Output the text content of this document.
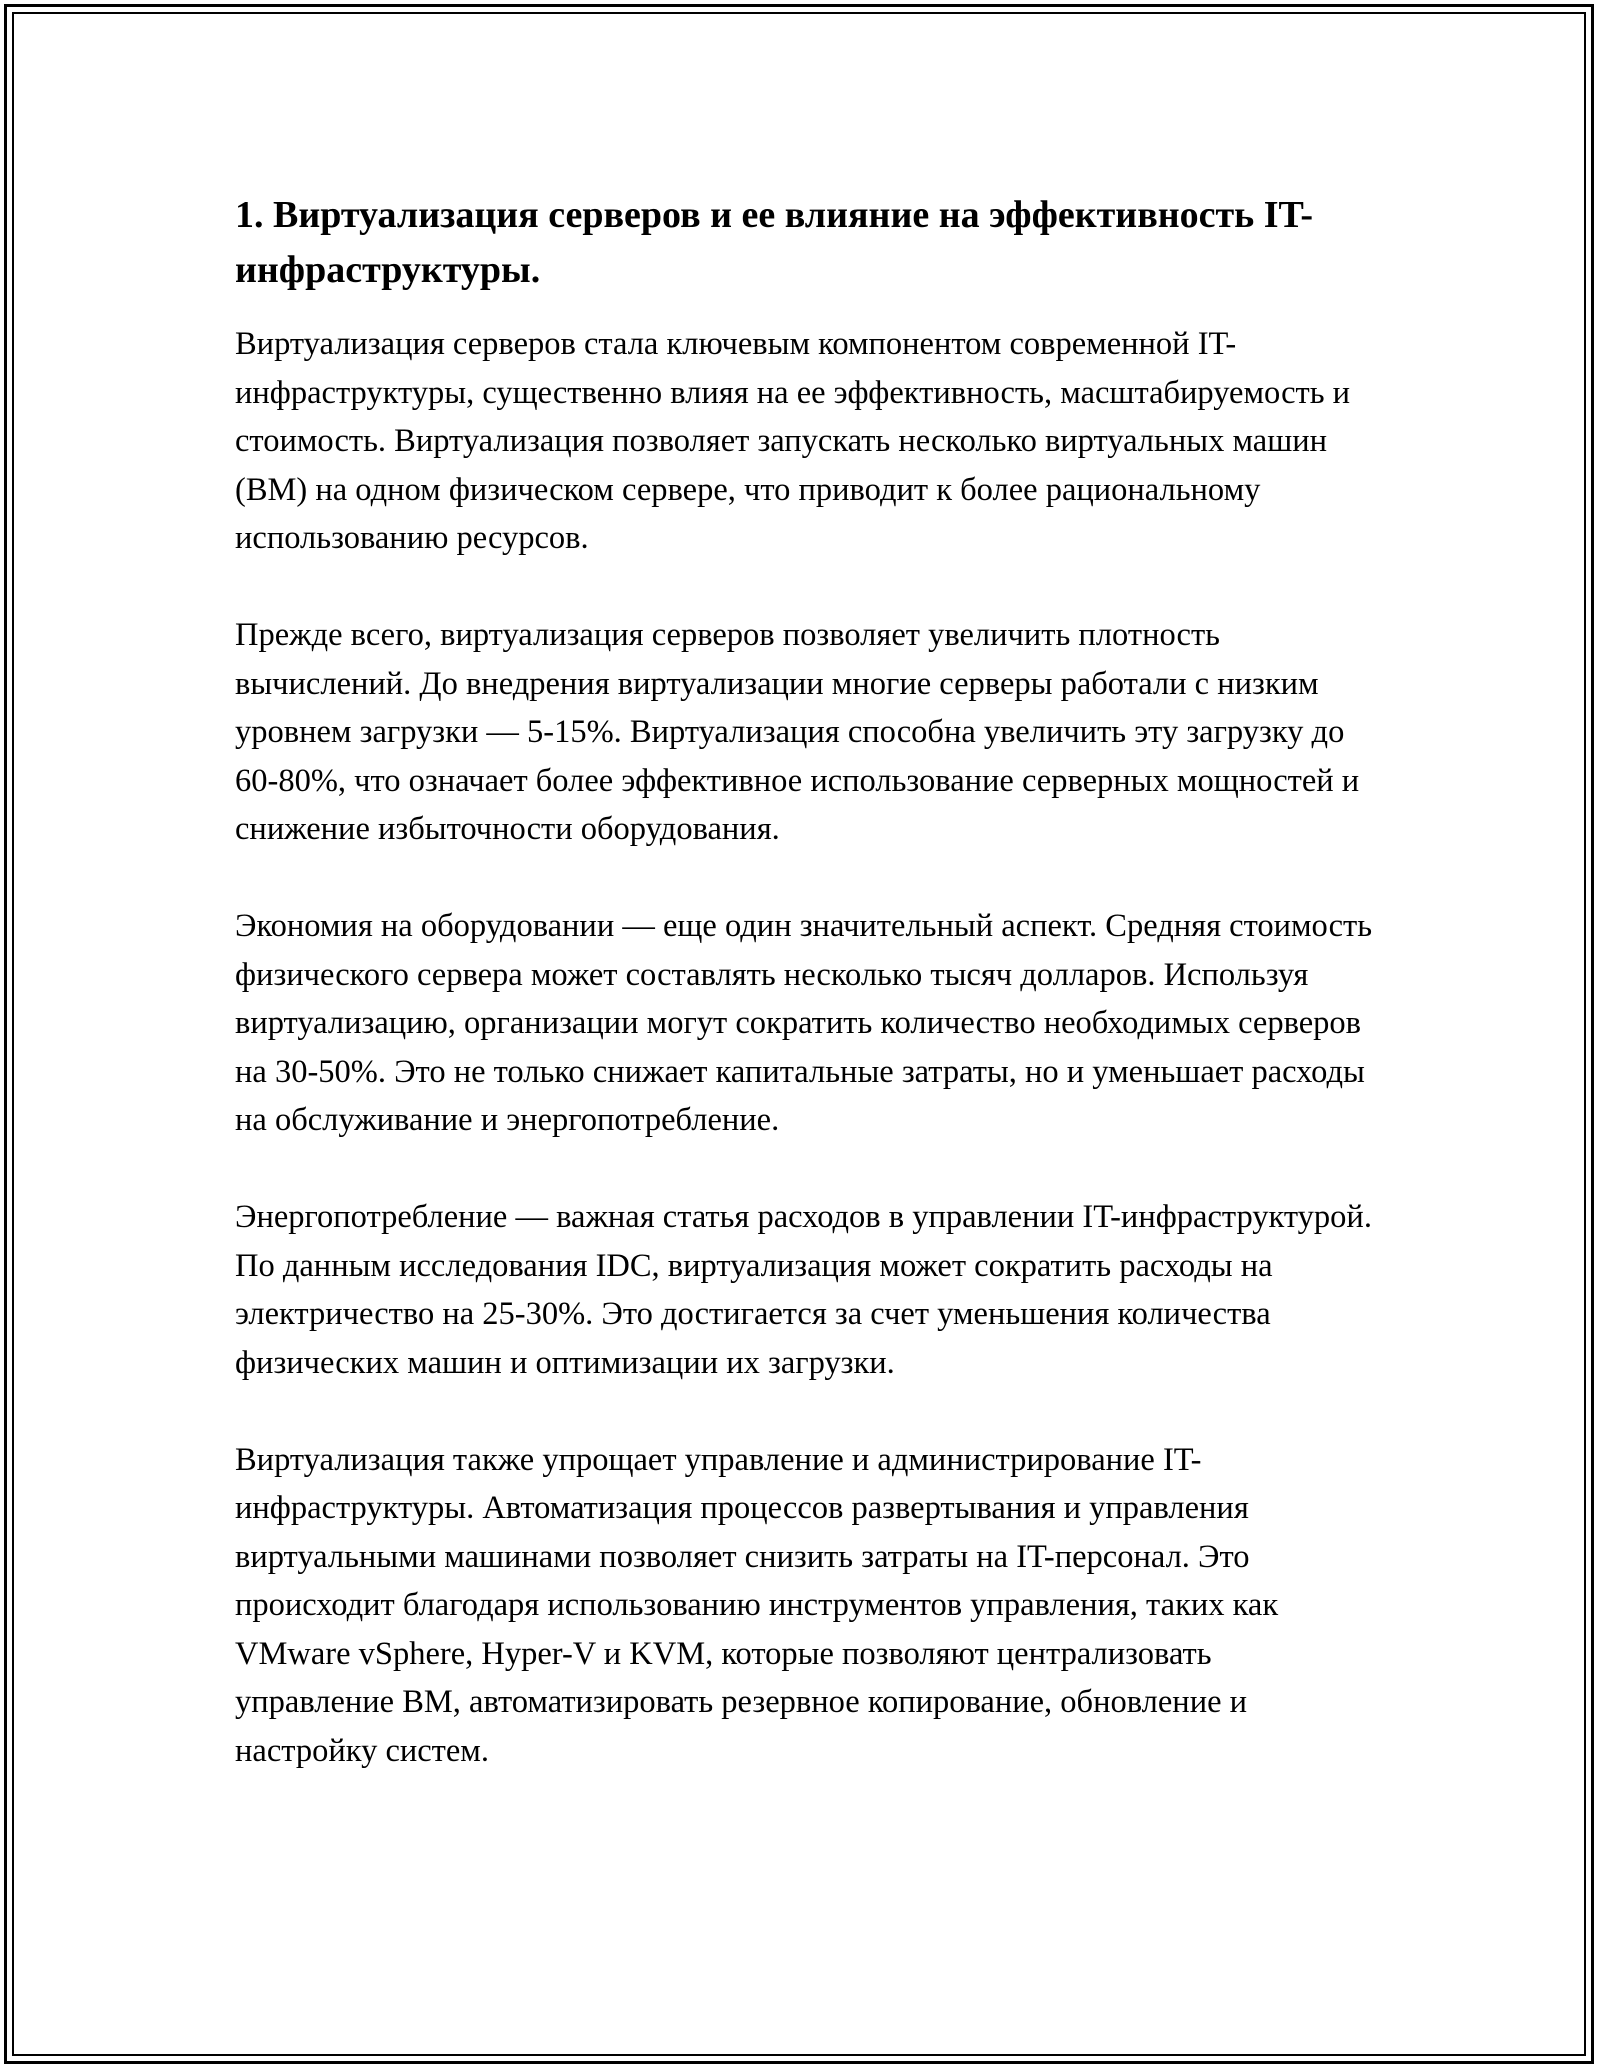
1. Виртуализация серверов и ее влияние на эффективность IT-инфраструктуры.

Виртуализация серверов стала ключевым компонентом современной IT-инфраструктуры, существенно влияя на ее эффективность, масштабируемость и стоимость. Виртуализация позволяет запускать несколько виртуальных машин (ВМ) на одном физическом сервере, что приводит к более рациональному использованию ресурсов.

Прежде всего, виртуализация серверов позволяет увеличить плотность вычислений. До внедрения виртуализации многие серверы работали с низким уровнем загрузки — 5-15%. Виртуализация способна увеличить эту загрузку до 60-80%, что означает более эффективное использование серверных мощностей и снижение избыточности оборудования.

Экономия на оборудовании — еще один значительный аспект. Средняя стоимость физического сервера может составлять несколько тысяч долларов. Используя виртуализацию, организации могут сократить количество необходимых серверов на 30-50%. Это не только снижает капитальные затраты, но и уменьшает расходы на обслуживание и энергопотребление.

Энергопотребление — важная статья расходов в управлении IT-инфраструктурой. По данным исследования IDC, виртуализация может сократить расходы на электричество на 25-30%. Это достигается за счет уменьшения количества физических машин и оптимизации их загрузки.

Виртуализация также упрощает управление и администрирование IT-инфраструктуры. Автоматизация процессов развертывания и управления виртуальными машинами позволяет снизить затраты на IT-персонал. Это происходит благодаря использованию инструментов управления, таких как VMware vSphere, Hyper-V и KVM, которые позволяют централизовать управление ВМ, автоматизировать резервное копирование, обновление и настройку систем.
